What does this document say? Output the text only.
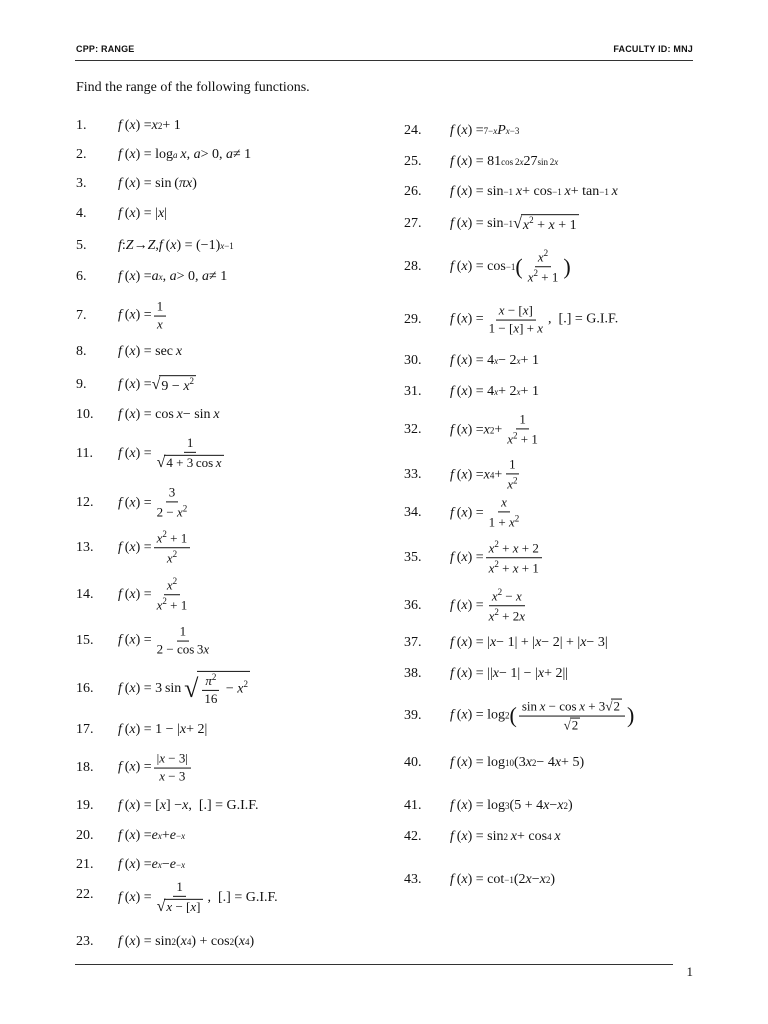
CPP: RANGE	FACULTY ID: MNJ
Find the range of the following functions.
1. f  ( x ) = x 2 + 1
2. f  ( x ) = log a
  x , a > 0, a ≠ 1
3. f  ( x ) = sin ( πx )
4. f  ( x ) = | x |
5. f : Z → Z , f  ( x ) = (−1) x−1
6. f  ( x ) = a x , a > 0, a ≠ 1
7. f  ( x ) = $\frac{1}{x}$
8. f  ( x ) = sec  x
9. f  ( x ) = √ $9 - x^2$
10. f  ( x ) = cos  x − sin  x
11. f  ( x ) = $\frac{1}{\text{√4 + 3 cos x}}$
12. f  ( x ) = $\frac{3}{2 - x^2}$
13. f  ( x ) = $\frac{x^2 + 1}{x^2}$
14. f  ( x ) = $\frac{x^2}{x^2 + 1}$
15. f  ( x ) = $\frac{1}{2 - \cos 3x}$
16. f  ( x ) = 3 sin  √ $\frac{\pi^2}{16} - x^2$
17. f  ( x ) = 1 − | x + 2|
18. f  ( x ) = $\frac{|x - 3|}{x - 3}$
19. f  ( x ) = [ x ] − x ,  [.] = G.I.F.
20. f  ( x ) = e x + e −x
21. f  ( x ) = e x − e −x
22. f  ( x ) = $\frac{1}{√x - [x]}$ ,  [.] = G.I.F.
23. f  ( x ) = sin 2 ( x 4 ) + cos 2 ( x 4 )
24. f  ( x ) = 7−x P x−3
25. f  ( x ) = 81 cos 2x 27 sin 2x
26. f  ( x ) = sin −1
  x + cos −1
  x + tan −1
  x
27. f  ( x ) = sin −1 √ $x^2 + x + 1$
28. f  ( x ) = cos −1 ( $\frac{x^2}{x^2 + 1}$ )
29. f  ( x ) = $\frac{x - [x]}{1 - [x] + x}$ ,  [.] = G.I.F.
30. f  ( x ) = 4 x − 2 x + 1
31. f  ( x ) = 4 x + 2 x + 1
32. f  ( x ) = x $2 + \frac{1}{x^2 + 1}$
33. f  ( x ) = x $4 + \frac{1}{x^2}$
34. f  ( x ) = $\frac{x}{1 + x^2}$
35. f  ( x ) = $\frac{x^2 + x + 2}{x^2 + x + 1}$
36. f  ( x ) = $\frac{x^2 - x}{x^2 + 2x}$
37. f  ( x ) = | x − 1| + | x − 2| + | x − 3|
38. f  ( x ) = || x − 1| − | x + 2||
39. f  ( x ) = log 2 ( $\frac{\text{sin x − cos x + 3√2}}{√2}$ )
40. f  ( x ) = log 10 (3 x 2 − 4 x + 5)
41. f  ( x ) = log 3 (5 + 4 x − x 2 )
42. f  ( x ) = sin 2
  x + cos 4
  x
43. f  ( x ) = cot −1 (2 x − x 2 )
1
